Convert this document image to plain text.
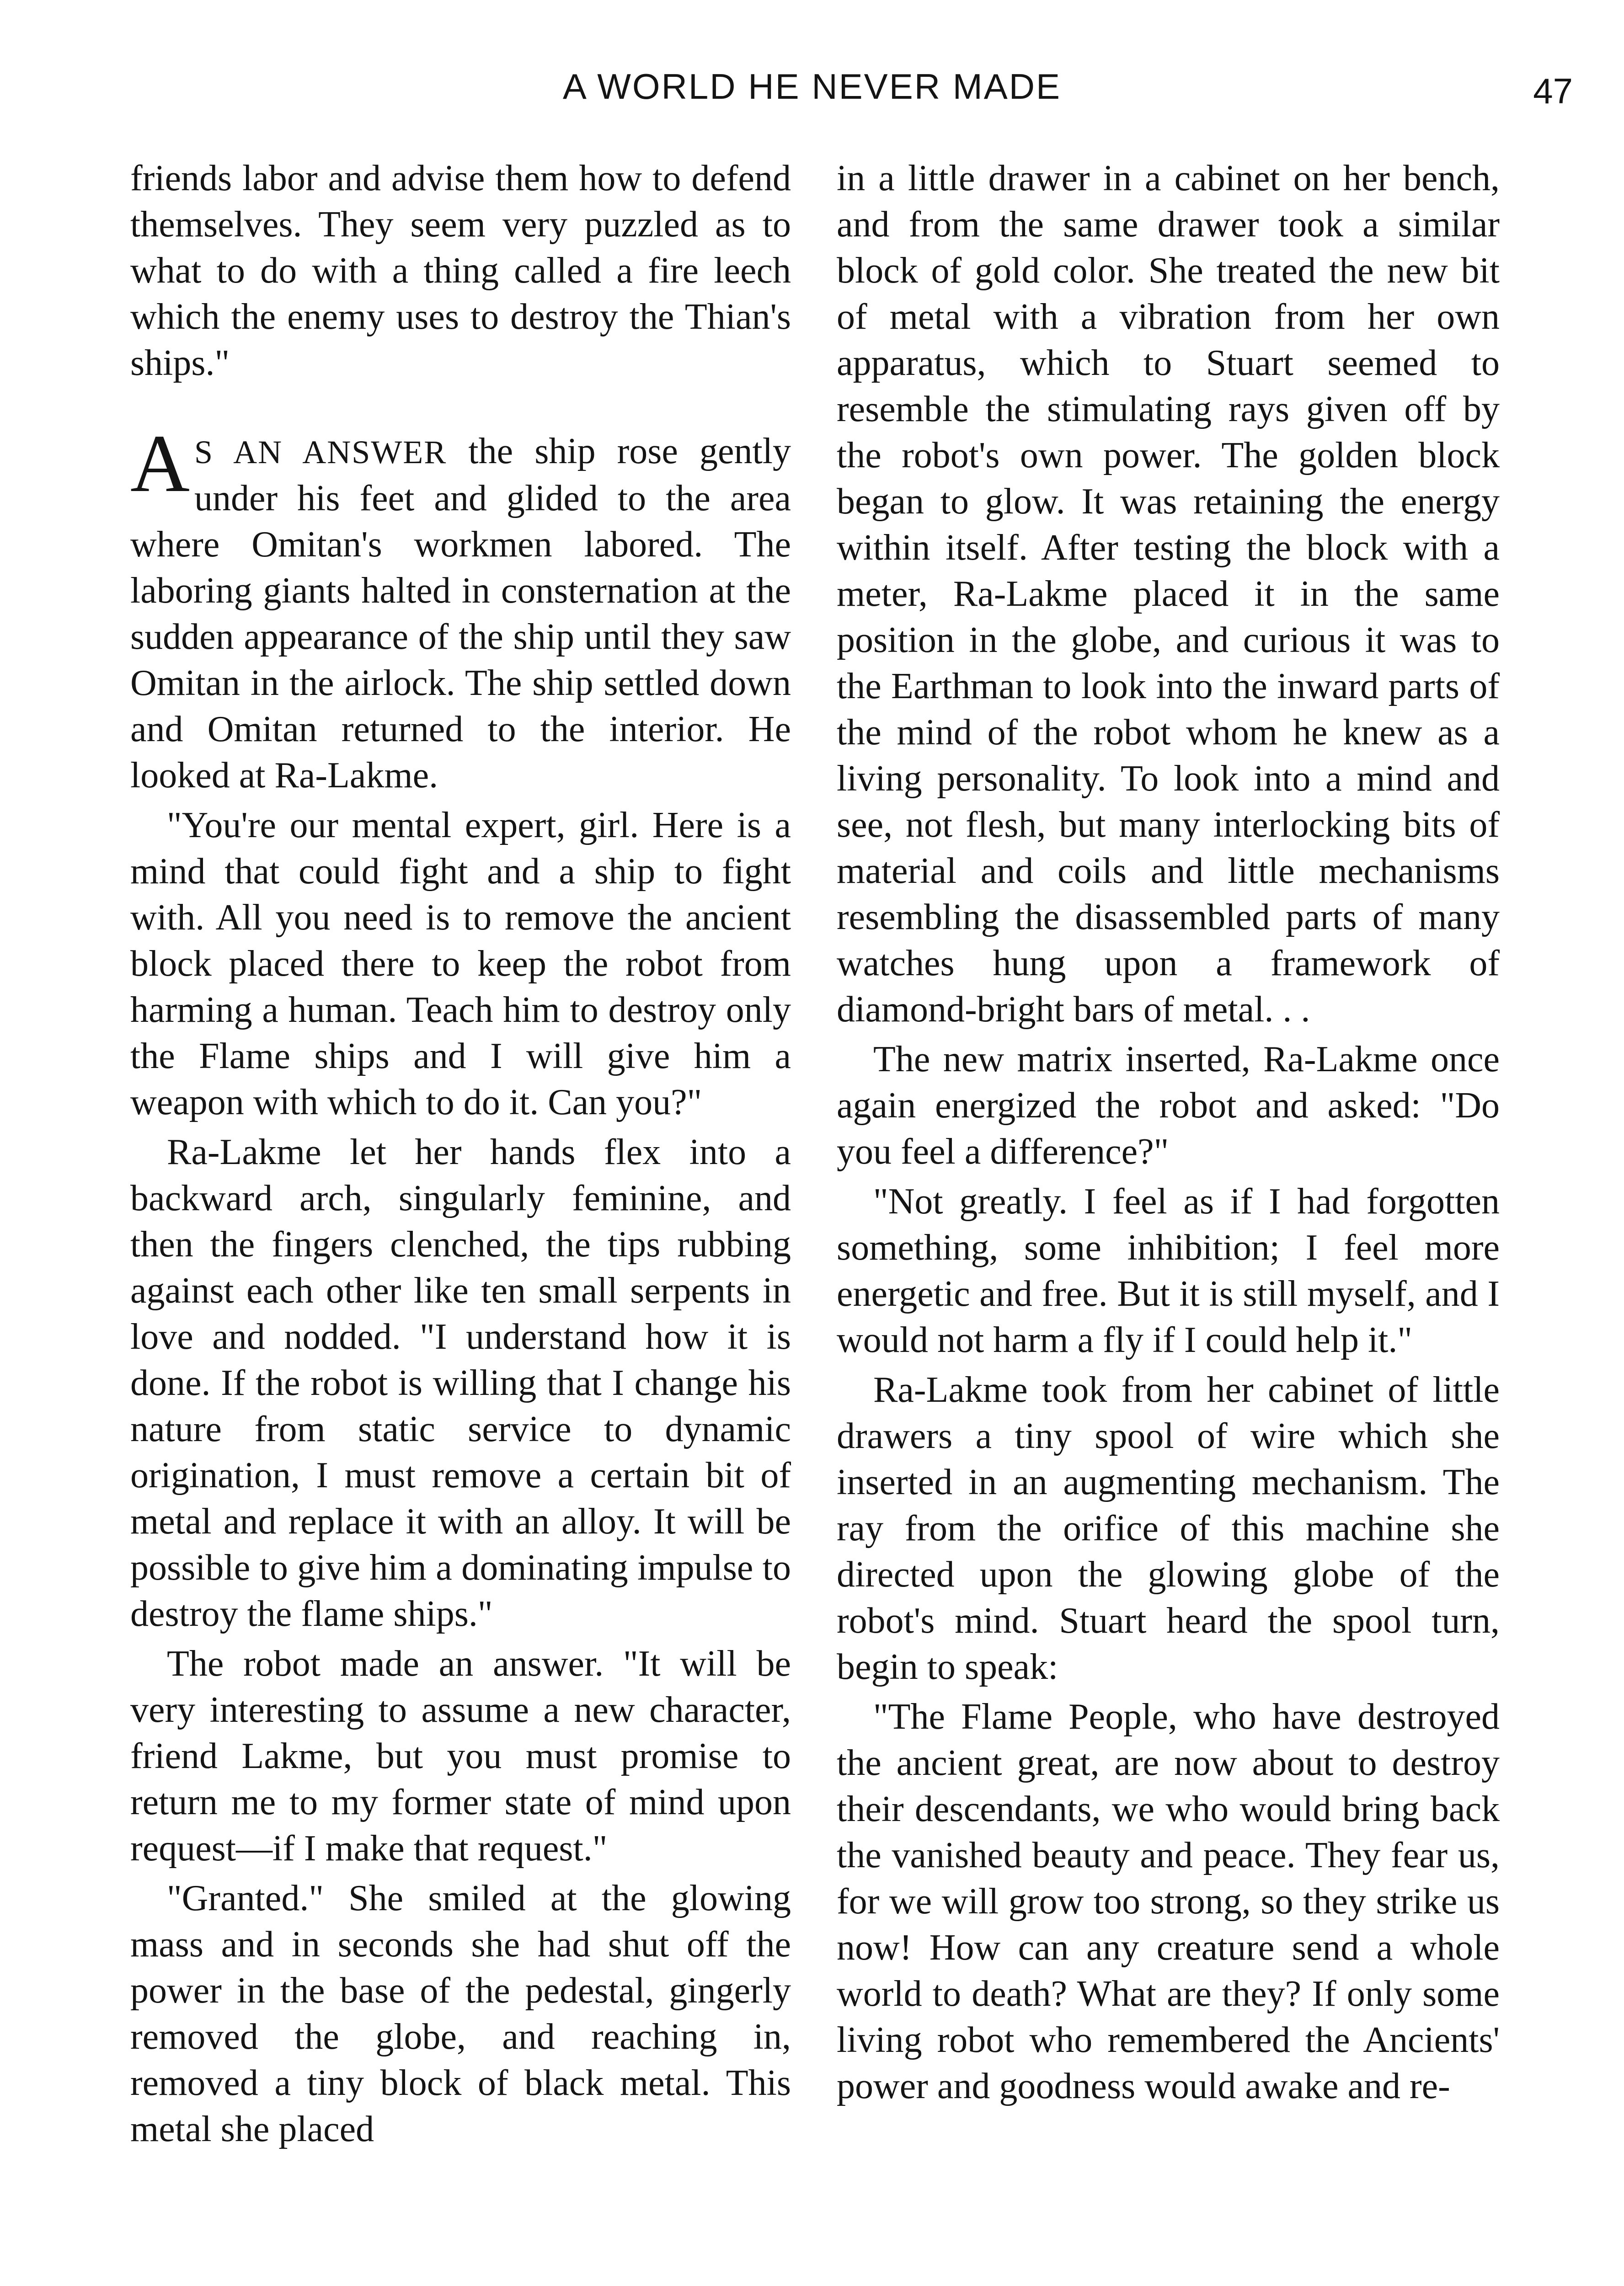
A WORLD HE NEVER MADE	47

friends labor and advise them how to defend themselves. They seem very puzzled as to what to do with a thing called a fire leech which the enemy uses to destroy the Thian's ships."

A S AN ANSWER the ship rose gently under his feet and glided to the area where Omitan's workmen labored. The laboring giants halted in consternation at the sudden appearance of the ship until they saw Omitan in the airlock. The ship settled down and Omitan returned to the interior. He looked at Ra-Lakme.

"You're our mental expert, girl. Here is a mind that could fight and a ship to fight with. All you need is to remove the ancient block placed there to keep the robot from harming a human. Teach him to destroy only the Flame ships and I will give him a weapon with which to do it. Can you?"

Ra-Lakme let her hands flex into a backward arch, singularly feminine, and then the fingers clenched, the tips rubbing against each other like ten small serpents in love and nodded. "I understand how it is done. If the robot is willing that I change his nature from static service to dynamic origination, I must remove a certain bit of metal and replace it with an alloy. It will be possible to give him a dominating impulse to destroy the flame ships."

The robot made an answer. "It will be very interesting to assume a new character, friend Lakme, but you must promise to return me to my former state of mind upon request—if I make that request."

"Granted." She smiled at the glowing mass and in seconds she had shut off the power in the base of the pedestal, gingerly removed the globe, and reaching in, removed a tiny block of black metal. This metal she placed

in a little drawer in a cabinet on her bench, and from the same drawer took a similar block of gold color. She treated the new bit of metal with a vibration from her own apparatus, which to Stuart seemed to resemble the stimulating rays given off by the robot's own power. The golden block began to glow. It was retaining the energy within itself. After testing the block with a meter, Ra-Lakme placed it in the same position in the globe, and curious it was to the Earthman to look into the inward parts of the mind of the robot whom he knew as a living personality. To look into a mind and see, not flesh, but many interlocking bits of material and coils and little mechanisms resembling the disassembled parts of many watches hung upon a framework of diamond-bright bars of metal. . .

The new matrix inserted, Ra-Lakme once again energized the robot and asked: "Do you feel a difference?"

"Not greatly. I feel as if I had forgotten something, some inhibition; I feel more energetic and free. But it is still myself, and I would not harm a fly if I could help it."

Ra-Lakme took from her cabinet of little drawers a tiny spool of wire which she inserted in an augmenting mechanism. The ray from the orifice of this machine she directed upon the glowing globe of the robot's mind. Stuart heard the spool turn, begin to speak:

"The Flame People, who have destroyed the ancient great, are now about to destroy their descendants, we who would bring back the vanished beauty and peace. They fear us, for we will grow too strong, so they strike us now! How can any creature send a whole world to death? What are they? If only some living robot who remembered the Ancients' power and goodness would awake and re-
